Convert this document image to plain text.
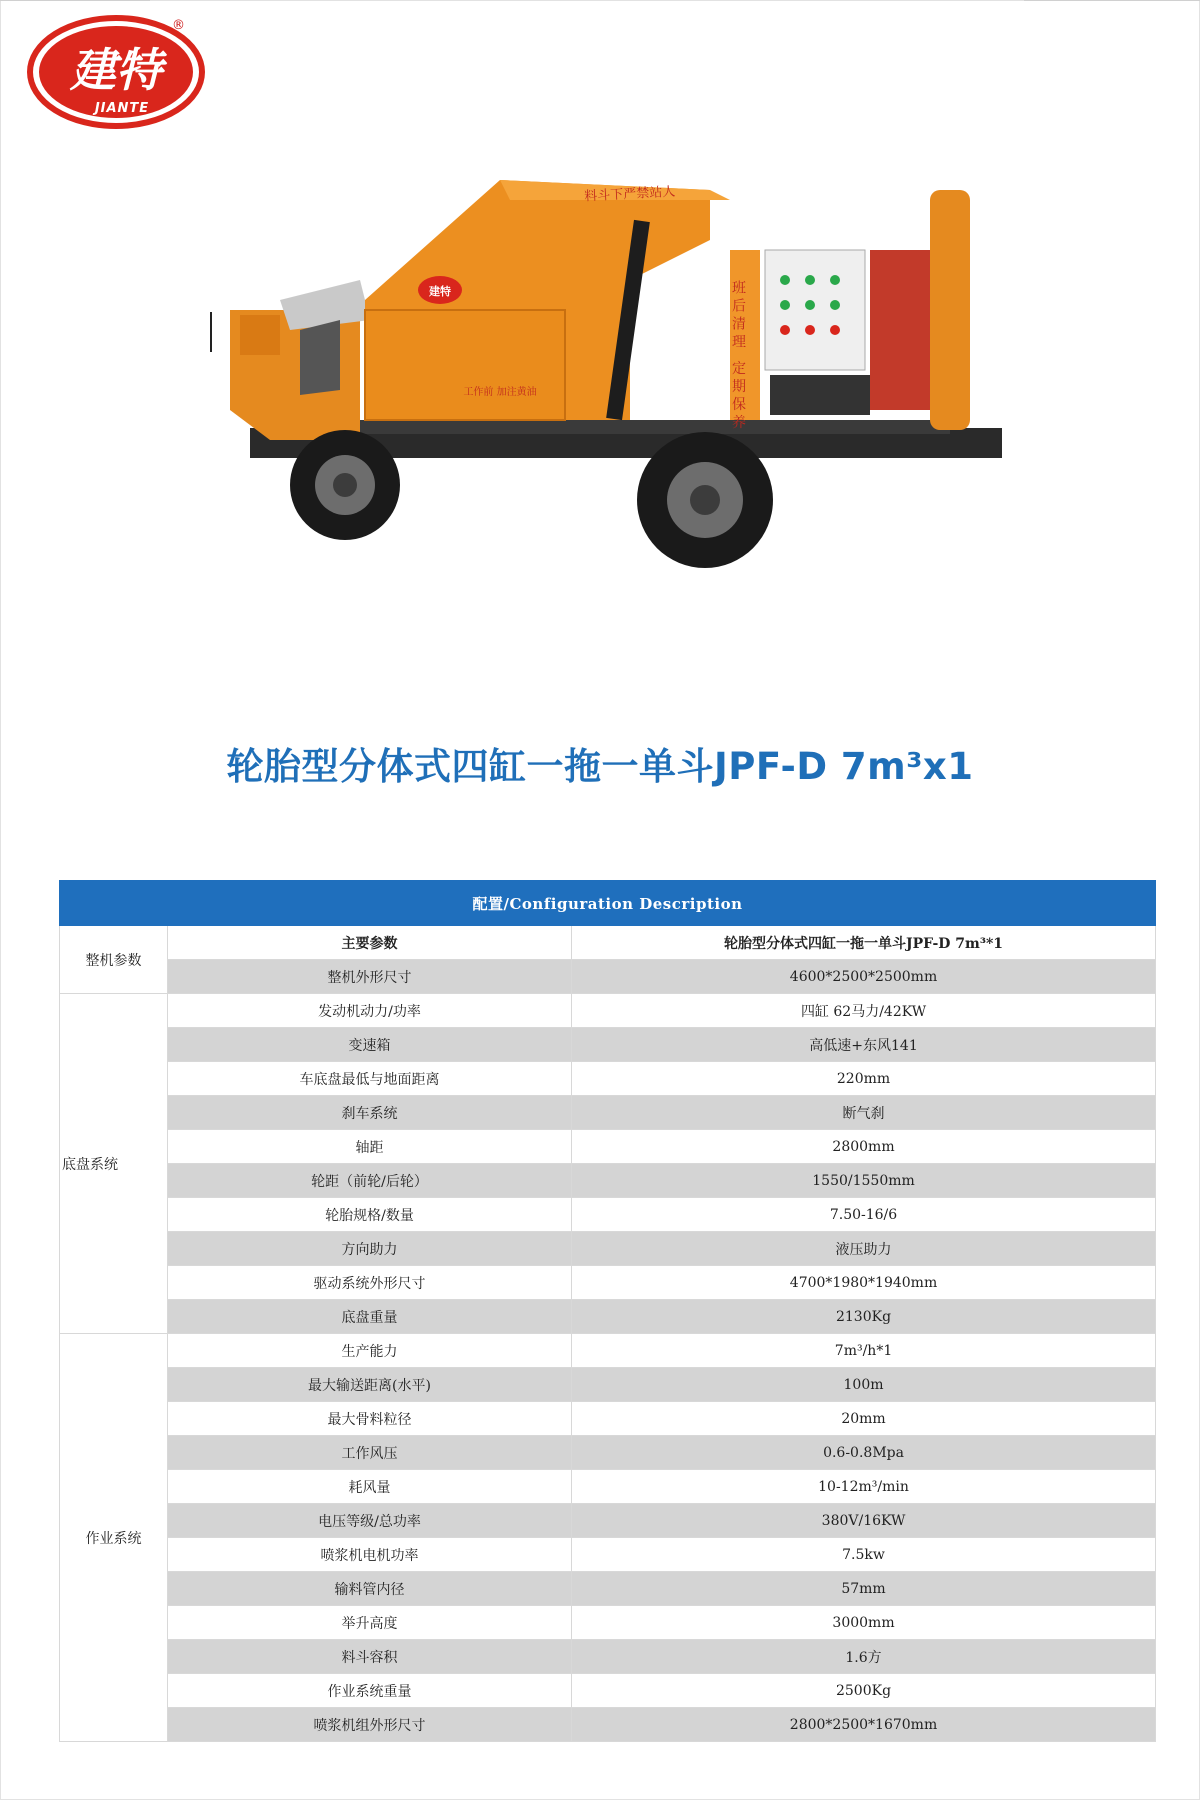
建特
JIANTE
®
建特
料斗下严禁站人
工作前 加注黄油	班后清理 定期保养
轮胎型分体式四缸一拖一单斗JPF-D 7m³x1
配置/Configuration Description		
整机参数	主要参数	轮胎型分体式四缸一拖一单斗JPF-D 7m³*1
	整机外形尺寸	4600*2500*2500mm
底盘系统	发动机动力/功率	四缸 62马力/42KW
	变速箱	高低速+东风141
	车底盘最低与地面距离	220mm
	刹车系统	断气刹
	轴距	2800mm
	轮距（前轮/后轮）	1550/1550mm
	轮胎规格/数量	7.50-16/6
	方向助力	液压助力
	驱动系统外形尺寸	4700*1980*1940mm
	底盘重量	2130Kg
作业系统	生产能力	7m³/h*1
	最大输送距离(水平)	100m
	最大骨料粒径	20mm
	工作风压	0.6-0.8Mpa
	耗风量	10-12m³/min
	电压等级/总功率	380V/16KW
	喷浆机电机功率	7.5kw
	输料管内径	57mm
	举升高度	3000mm
	料斗容积	1.6方
	作业系统重量	2500Kg
	喷浆机组外形尺寸	2800*2500*1670mm
